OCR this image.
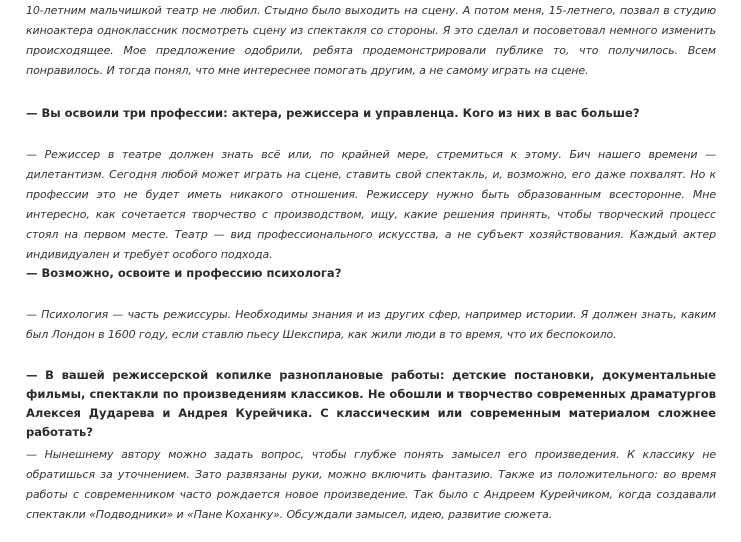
10-летним мальчишкой театр не любил. Стыдно было выходить на сцену. А потом меня, 15-летнего, позвал в студию киноактера одноклассник посмотреть сцену из спектакля со стороны. Я это сделал и посоветовал немного изменить происходящее. Мое предложение одобрили, ребята продемонстрировали публике то, что получилось. Всем понравилось. И тогда понял, что мне интереснее помогать другим, а не самому играть на сцене.

— Вы освоили три профессии: актера, режиссера и управленца. Кого из них в вас больше?

— Режиссер в театре должен знать всё или, по крайней мере, стремиться к этому. Бич нашего времени — дилетантизм. Сегодня любой может играть на сцене, ставить свой спектакль, и, возможно, его даже похвалят. Но к профессии это не будет иметь никакого отношения. Режиссеру нужно быть образованным всесторонне. Мне интересно, как сочетается творчество с производством, ищу, какие решения принять, чтобы творческий процесс стоял на первом месте. Театр — вид профессионального искусства, а не субъект хозяйствования. Каждый актер индивидуален и требует особого подхода.

— Возможно, освоите и профессию психолога?

— Психология — часть режиссуры. Необходимы знания и из других сфер, например истории. Я должен знать, каким был Лондон в 1600 году, если ставлю пьесу Шекспира, как жили люди в то время, что их беспокоило.

— В вашей режиссерской копилке разноплановые работы: детские постановки, документальные фильмы, спектакли по произведениям классиков. Не обошли и творчество современных драматургов Алексея Дударева и Андрея Курейчика. С классическим или современным материалом сложнее работать?

— Нынешнему автору можно задать вопрос, чтобы глубже понять замысел его произведения. К классику не обратишься за уточнением. Зато развязаны руки, можно включить фантазию. Также из положительного: во время работы с современником часто рождается новое произведение. Так было с Андреем Курейчиком, когда создавали спектакли «Подводники» и «Пане Коханку». Обсуждали замысел, идею, развитие сюжета.
